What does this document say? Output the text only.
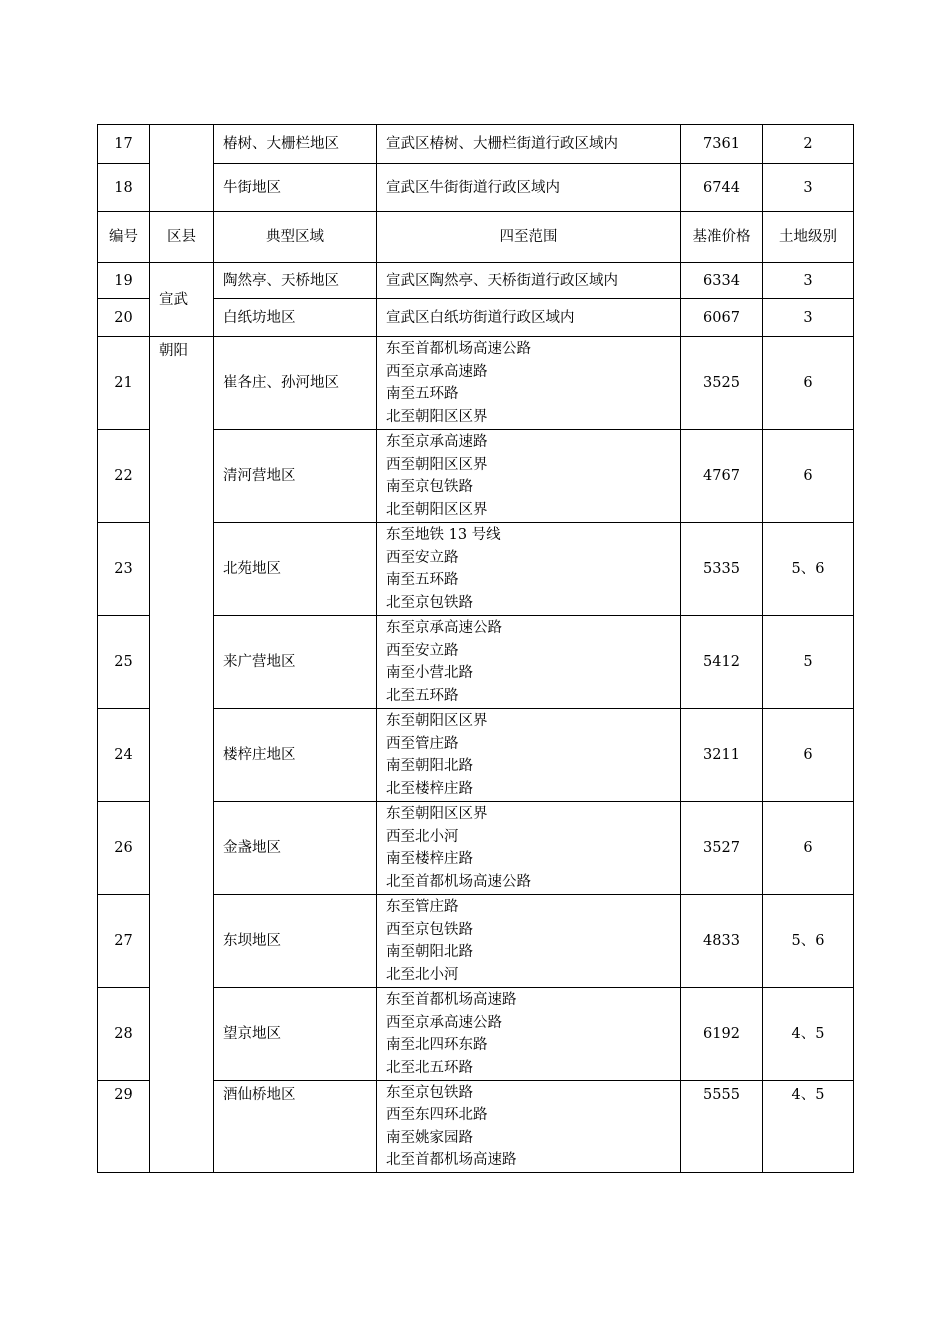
17		椿树、大栅栏地区	宣武区椿树、大栅栏街道行政区域内	7361	2
18		牛街地区	宣武区牛街街道行政区域内	6744	3
编号	区县	典型区域	四至范围	基准价格	土地级别
19	宣武	陶然亭、天桥地区	宣武区陶然亭、天桥街道行政区域内	6334	3
20		白纸坊地区	宣武区白纸坊街道行政区域内	6067	3
21	朝阳	崔各庄、孙河地区	东至首都机场高速公路
西至京承高速路
南至五环路
北至朝阳区区界	3525	6
22		清河营地区	东至京承高速路
西至朝阳区区界
南至京包铁路
北至朝阳区区界	4767	6
23		北苑地区	东至地铁 13 号线
西至安立路
南至五环路
北至京包铁路	5335	5、6
25		来广营地区	东至京承高速公路
西至安立路
南至小营北路
北至五环路	5412	5
24		楼梓庄地区	东至朝阳区区界
西至管庄路
南至朝阳北路
北至楼梓庄路	3211	6
26		金盏地区	东至朝阳区区界
西至北小河
南至楼梓庄路
北至首都机场高速公路	3527	6
27		东坝地区	东至管庄路
西至京包铁路
南至朝阳北路
北至北小河	4833	5、6
28		望京地区	东至首都机场高速路
西至京承高速公路
南至北四环东路
北至北五环路	6192	4、5
29		酒仙桥地区	东至京包铁路
西至东四环北路
南至姚家园路
北至首都机场高速路	5555	4、5
